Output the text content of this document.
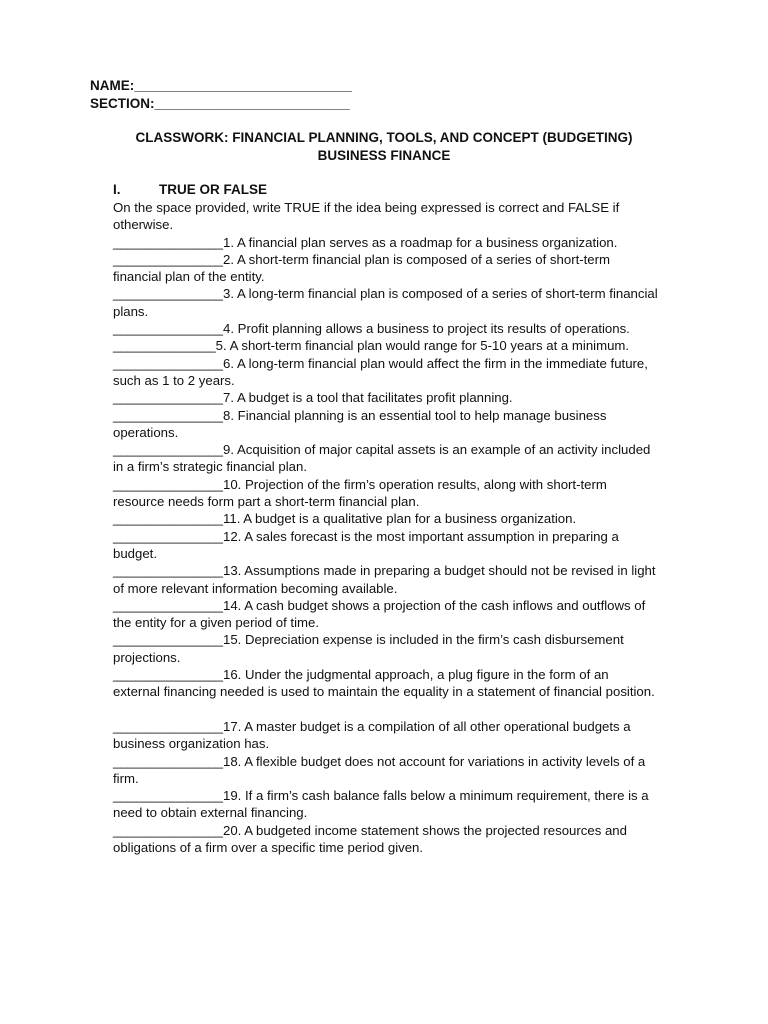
NAME:_____________________________
SECTION:__________________________
CLASSWORK: FINANCIAL PLANNING, TOOLS, AND CONCEPT (BUDGETING)
BUSINESS FINANCE
I.	TRUE OR FALSE

On the space provided, write TRUE if the idea being expressed is correct and FALSE if otherwise.

_______________1. A financial plan serves as a roadmap for a business organization.

_______________2. A short-term financial plan is composed of a series of short-term financial plan of the entity.

_______________3. A long-term financial plan is composed of a series of short-term financial plans.

_______________4. Profit planning allows a business to project its results of operations.

______________5. A short-term financial plan would range for 5-10 years at a minimum.

_______________6. A long-term financial plan would affect the firm in the immediate future, such as 1 to 2 years.

_______________7. A budget is a tool that facilitates profit planning.

_______________8. Financial planning is an essential tool to help manage business operations.

_______________9. Acquisition of major capital assets is an example of an activity included in a firm’s strategic financial plan.

_______________10. Projection of the firm’s operation results, along with short-term resource needs form part a short-term financial plan.

_______________11. A budget is a qualitative plan for a business organization.

_______________12. A sales forecast is the most important assumption in preparing a budget.

_______________13. Assumptions made in preparing a budget should not be revised in light of more relevant information becoming available.

_______________14. A cash budget shows a projection of the cash inflows and outflows of the entity for a given period of time.

_______________15. Depreciation expense is included in the firm’s cash disbursement projections.

_______________16. Under the judgmental approach, a plug figure in the form of an external financing needed is used to maintain the equality in a statement of financial position.

_______________17. A master budget is a compilation of all other operational budgets a business organization has.

_______________18. A flexible budget does not account for variations in activity levels of a firm.

_______________19. If a firm’s cash balance falls below a minimum requirement, there is a need to obtain external financing.

_______________20. A budgeted income statement shows the projected resources and obligations of a firm over a specific time period given.
